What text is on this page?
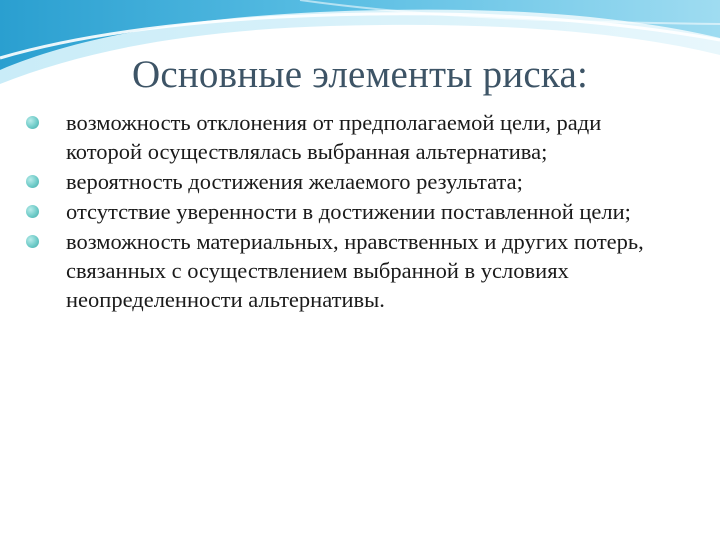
Основные элементы риска:
возможность отклонения от предполагаемой цели, ради которой осуществлялась выбранная альтернатива;
вероятность достижения желаемого результата;
отсутствие уверенности в достижении поставленной цели;
возможность материальных, нравственных и других потерь, связанных с осуществлением выбранной в условиях неопределенности альтернативы.
